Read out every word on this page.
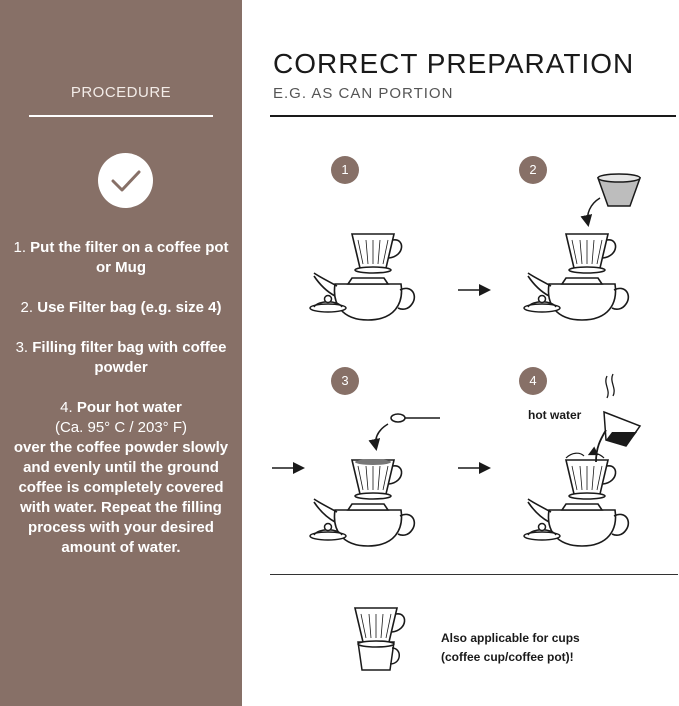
PROCEDURE
1. Put the filter on a coffee pot or Mug
2. Use Filter bag (e.g. size 4)
3. Filling filter bag with coffee powder
4. Pour hot water
(Ca. 95° C / 203° F)
over the coffee powder slowly and evenly until the ground coffee is completely covered with water. Repeat the filling process with your desired amount of water.
CORRECT PREPARATION
E.G. AS CAN PORTION
1	2
3	4
hot water
Also applicable for cups
(coffee cup/coffee pot)!
